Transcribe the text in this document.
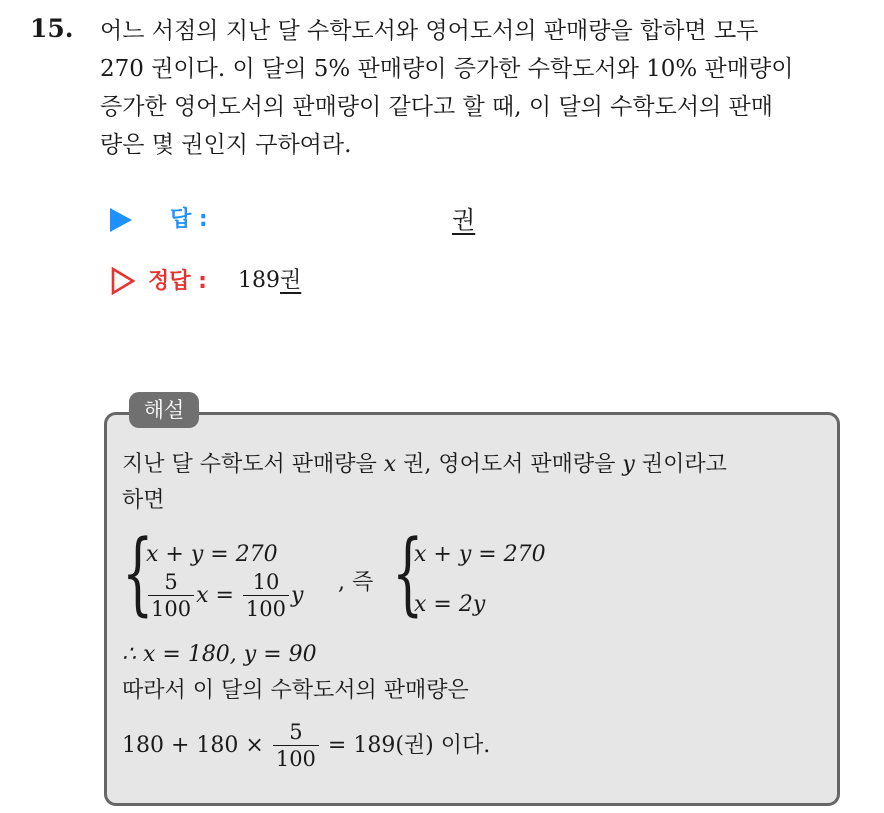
15. 어느 서점의 지난 달 수학도서와 영어도서의 판매량을 합하면 모두
270 권이다. 이 달의 5% 판매량이 증가한 수학도서와 10% 판매량이
증가한 영어도서의 판매량이 같다고 할 때, 이 달의 수학도서의 판매
량은 몇 권인지 구하여라.
답 :	권
정답 : 189권
해설
지난 달 수학도서 판매량을 x 권, 영어도서 판매량을 y 권이라고
하면
{
x + y = 270
$\frac{5}{100}$ $x = \frac{10}{100}$ y
, 즉 {
x + y = 270
x = 2y
∴ x = 180, y = 90
따라서 이 달의 수학도서의 판매량은
$180 + 180 \times \frac{5}{100} = 189$(권) 이다.
